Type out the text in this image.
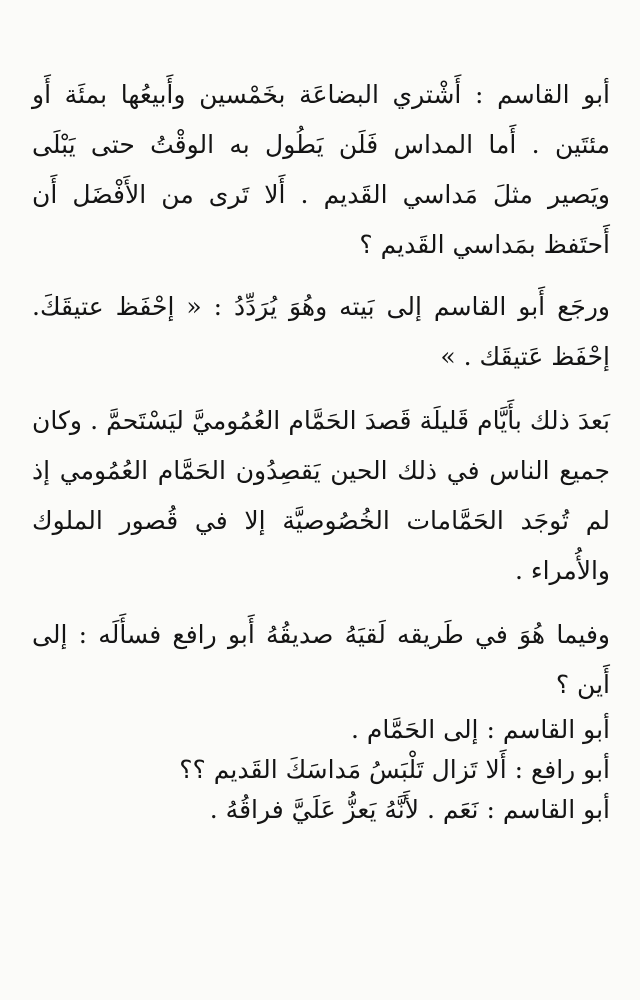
أبو القاسم : أَشْتري البضاعَة بخَمْسين وأَبيعُها بمئَة أَو مئتَين . أَما المداس فَلَن يَطُول به الوقْتُ حتى يَبْلَى ويَصير مثلَ مَداسي القَديم . أَلا تَرى من الأَفْضَل أَن أَحتَفظ بمَداسي القَديم ؟

ورجَع أَبو القاسم إلى بَيته وهُوَ يُرَدِّدُ : « إحْفَظ عتيقَكَ. إحْفَظ عَتيقَك . »

بَعدَ ذلك بأَيَّام قَليلَة قَصدَ الحَمَّام العُمُوميَّ ليَسْتَحمَّ . وكان جميع الناس في ذلك الحين يَقصِدُون الحَمَّام العُمُومي إذ لم تُوجَد الحَمَّامات الخُصُوصيَّة إلا في قُصور الملوك والأُمراء .

وفيما هُوَ في طَريقه لَقيَهُ صديقُهُ أَبو رافع فسأَلَه : إلى أَين ؟

أبو القاسم : إلى الحَمَّام .

أبو رافع : أَلا تَزال تَلْبَسُ مَداسَكَ القَديم ؟؟

أبو القاسم : نَعَم . لأَنَّهُ يَعزُّ عَلَيَّ فراقُهُ .
